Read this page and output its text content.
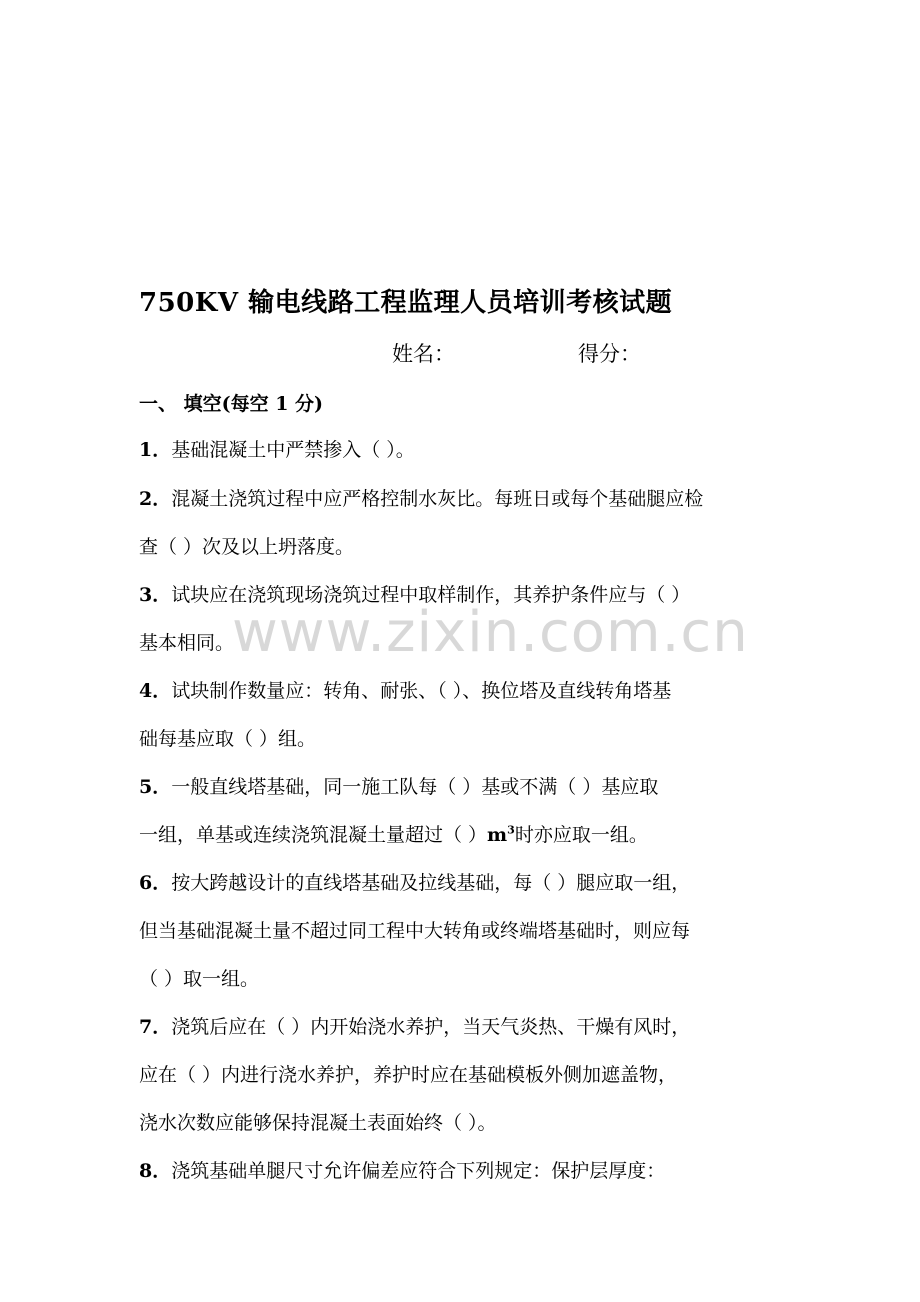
750KV 输电线路工程监理人员培训考核试题
姓名：	得分：
一、 填空(每空 1 分)
1．基础混凝土中严禁掺入（ ）。
2．混凝土浇筑过程中应严格控制水灰比。每班日或每个基础腿应检
查（ ）次及以上坍落度。
3．试块应在浇筑现场浇筑过程中取样制作，其养护条件应与（ ）
基本相同。
4．试块制作数量应：转角、耐张、（ ）、换位塔及直线转角塔基
础每基应取（ ）组。
5．一般直线塔基础，同一施工队每（ ）基或不满（ ）基应取
一组，单基或连续浇筑混凝土量超过（ ）$m^3$时亦应取一组。
6．按大跨越设计的直线塔基础及拉线基础，每（ ）腿应取一组，
但当基础混凝土量不超过同工程中大转角或终端塔基础时，则应每
（ ）取一组。
7．浇筑后应在（ ）内开始浇水养护，当天气炎热、干燥有风时，
应在（ ）内进行浇水养护，养护时应在基础模板外侧加遮盖物，
浇水次数应能够保持混凝土表面始终（ ）。
8．浇筑基础单腿尺寸允许偏差应符合下列规定：保护层厚度：
www.zixin.com.cn
